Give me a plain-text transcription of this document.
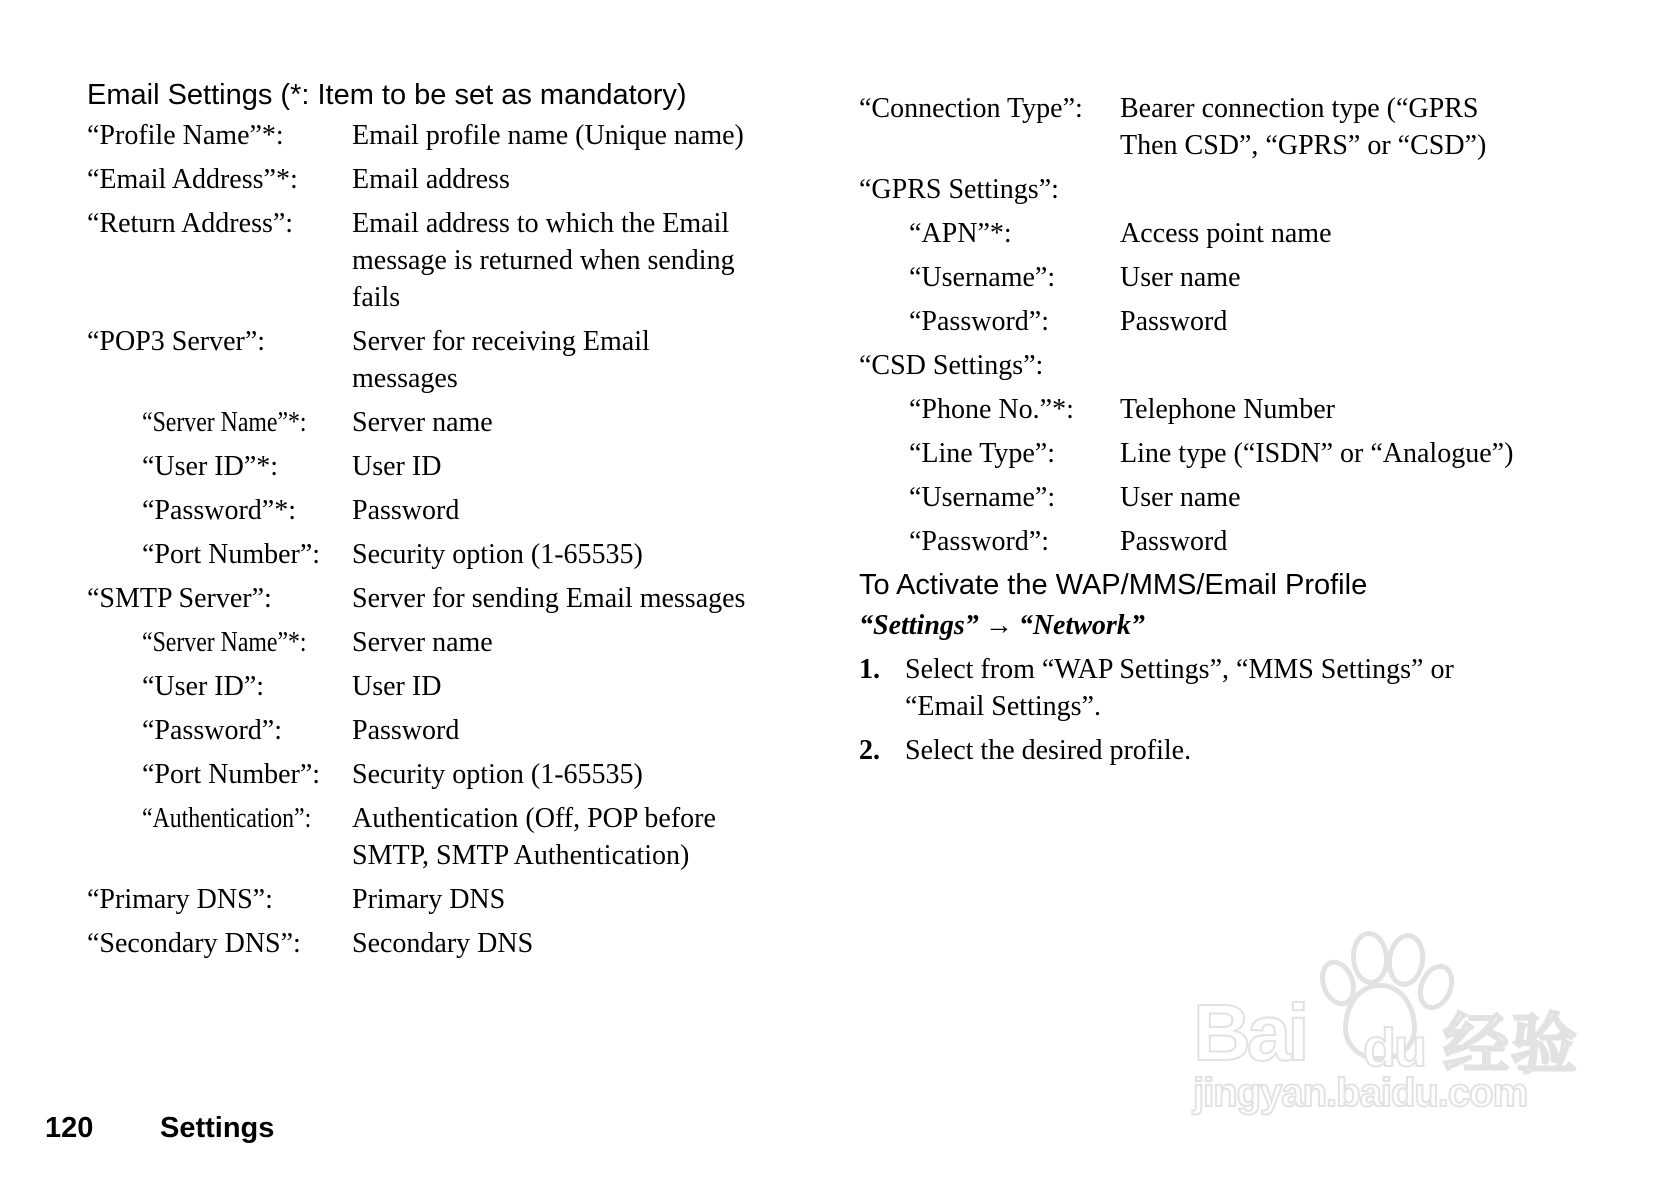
Email Settings (*: Item to be set as mandatory)
“Profile Name”*:	Email profile name (Unique name)
“Email Address”*:	Email address
“Return Address”:	Email address to which the Email
message is returned when sending
fails
“POP3 Server”:	Server for receiving Email
messages
“Server Name”*:	Server name
“User ID”*:	User ID
“Password”*:	Password
“Port Number”:	Security option (1-65535)
“SMTP Server”:	Server for sending Email messages
“Server Name”*:	Server name
“User ID”:	User ID
“Password”:	Password
“Port Number”:	Security option (1-65535)
“Authentication”:	Authentication (Off, POP before
SMTP, SMTP Authentication)
“Primary DNS”:	Primary DNS
“Secondary DNS”:	Secondary DNS
“Connection Type”:	Bearer connection type (“GPRS
Then CSD”, “GPRS” or “CSD”)
“GPRS Settings”:
“APN”*:	Access point name
“Username”:	User name
“Password”:	Password
“CSD Settings”:
“Phone No.”*:	Telephone Number
“Line Type”:	Line type (“ISDN” or “Analogue”)
“Username”:	User name
“Password”:	Password
To Activate the WAP/MMS/Email Profile
“Settings” → “Network”
1. Select from “WAP Settings”, “MMS Settings” or
“Email Settings”.
2. Select the desired profile.
120 Settings
Bai du 经验
jingyan.baidu.com
